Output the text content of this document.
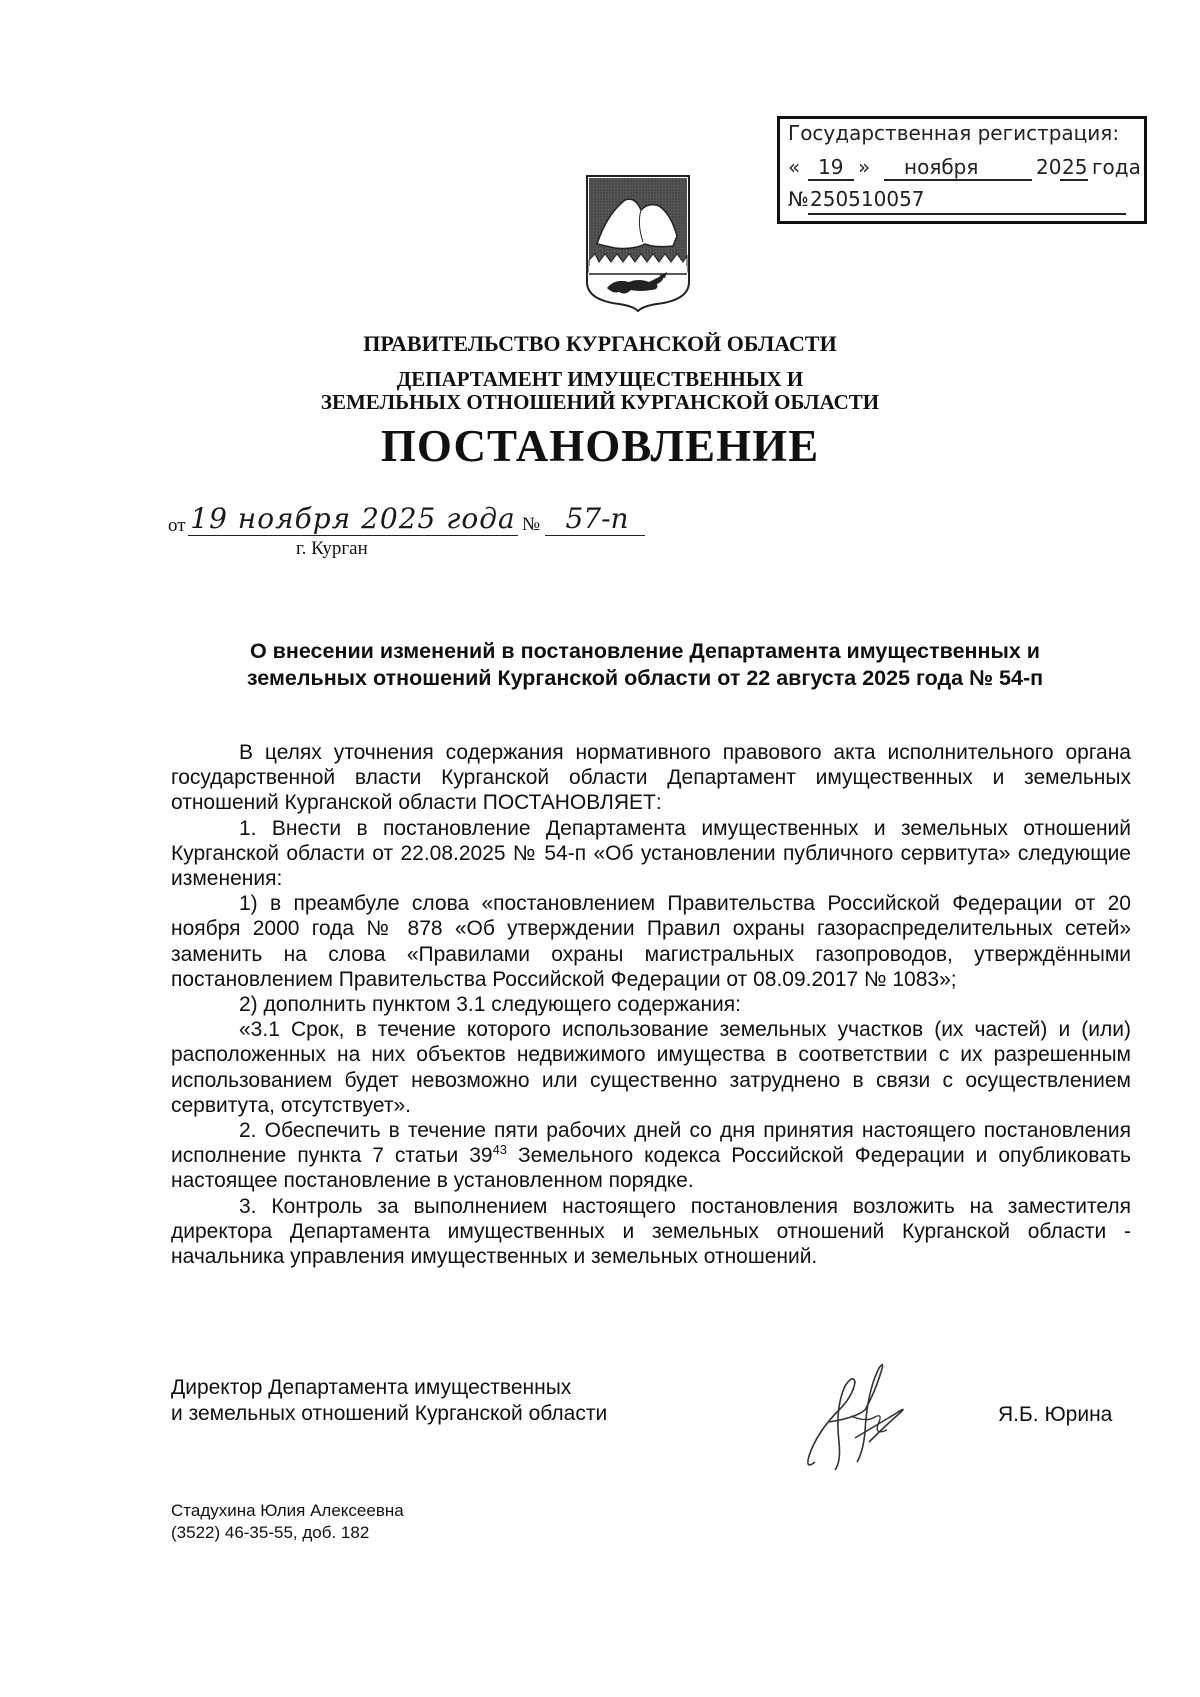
Государственная регистрация:
« 19 » ноября	20 25 года
№ 250510057
ПРАВИТЕЛЬСТВО КУРГАНСКОЙ ОБЛАСТИ
ДЕПАРТАМЕНТ ИМУЩЕСТВЕННЫХ И
ЗЕМЕЛЬНЫХ ОТНОШЕНИЙ КУРГАНСКОЙ ОБЛАСТИ
ПОСТАНОВЛЕНИЕ
от 19 ноября 2025 года № 57-п
г. Курган
О внесении изменений в постановление Департамента имущественных и
земельных отношений Курганской области от 22 августа 2025 года № 54-п

В целях уточнения содержания нормативного правового акта исполнительного органа государственной власти Курганской области Департамент имущественных и земельных отношений Курганской области ПОСТАНОВЛЯЕТ:

1. Внести в постановление Департамента имущественных и земельных отношений Курганской области от 22.08.2025 № 54-п «Об установлении публичного сервитута» следующие изменения:

1) в преамбуле слова «постановлением Правительства Российской Федерации от 20 ноября 2000 года № 878 «Об утверждении Правил охраны газораспределительных сетей» заменить на слова «Правилами охраны магистральных газопроводов, утверждёнными постановлением Правительства Российской Федерации от 08.09.2017 № 1083»;

2) дополнить пунктом 3.1 следующего содержания:

«3.1 Срок, в течение которого использование земельных участков (их частей) и (или) расположенных на них объектов недвижимого имущества в соответствии с их разрешенным использованием будет невозможно или существенно затруднено в связи с осуществлением сервитута, отсутствует».

2. Обеспечить в течение пяти рабочих дней со дня принятия настоящего постановления исполнение пункта 7 статьи $39^{43}$ Земельного кодекса Российской Федерации и опубликовать настоящее постановление в установленном порядке.

3. Контроль за выполнением настоящего постановления возложить на заместителя директора Департамента имущественных и земельных отношений Курганской области - начальника управления имущественных и земельных отношений.

Директор Департамента имущественных
и земельных отношений Курганской области	Я.Б. Юрина
Стадухина Юлия Алексеевна
(3522) 46-35-55, доб. 182
